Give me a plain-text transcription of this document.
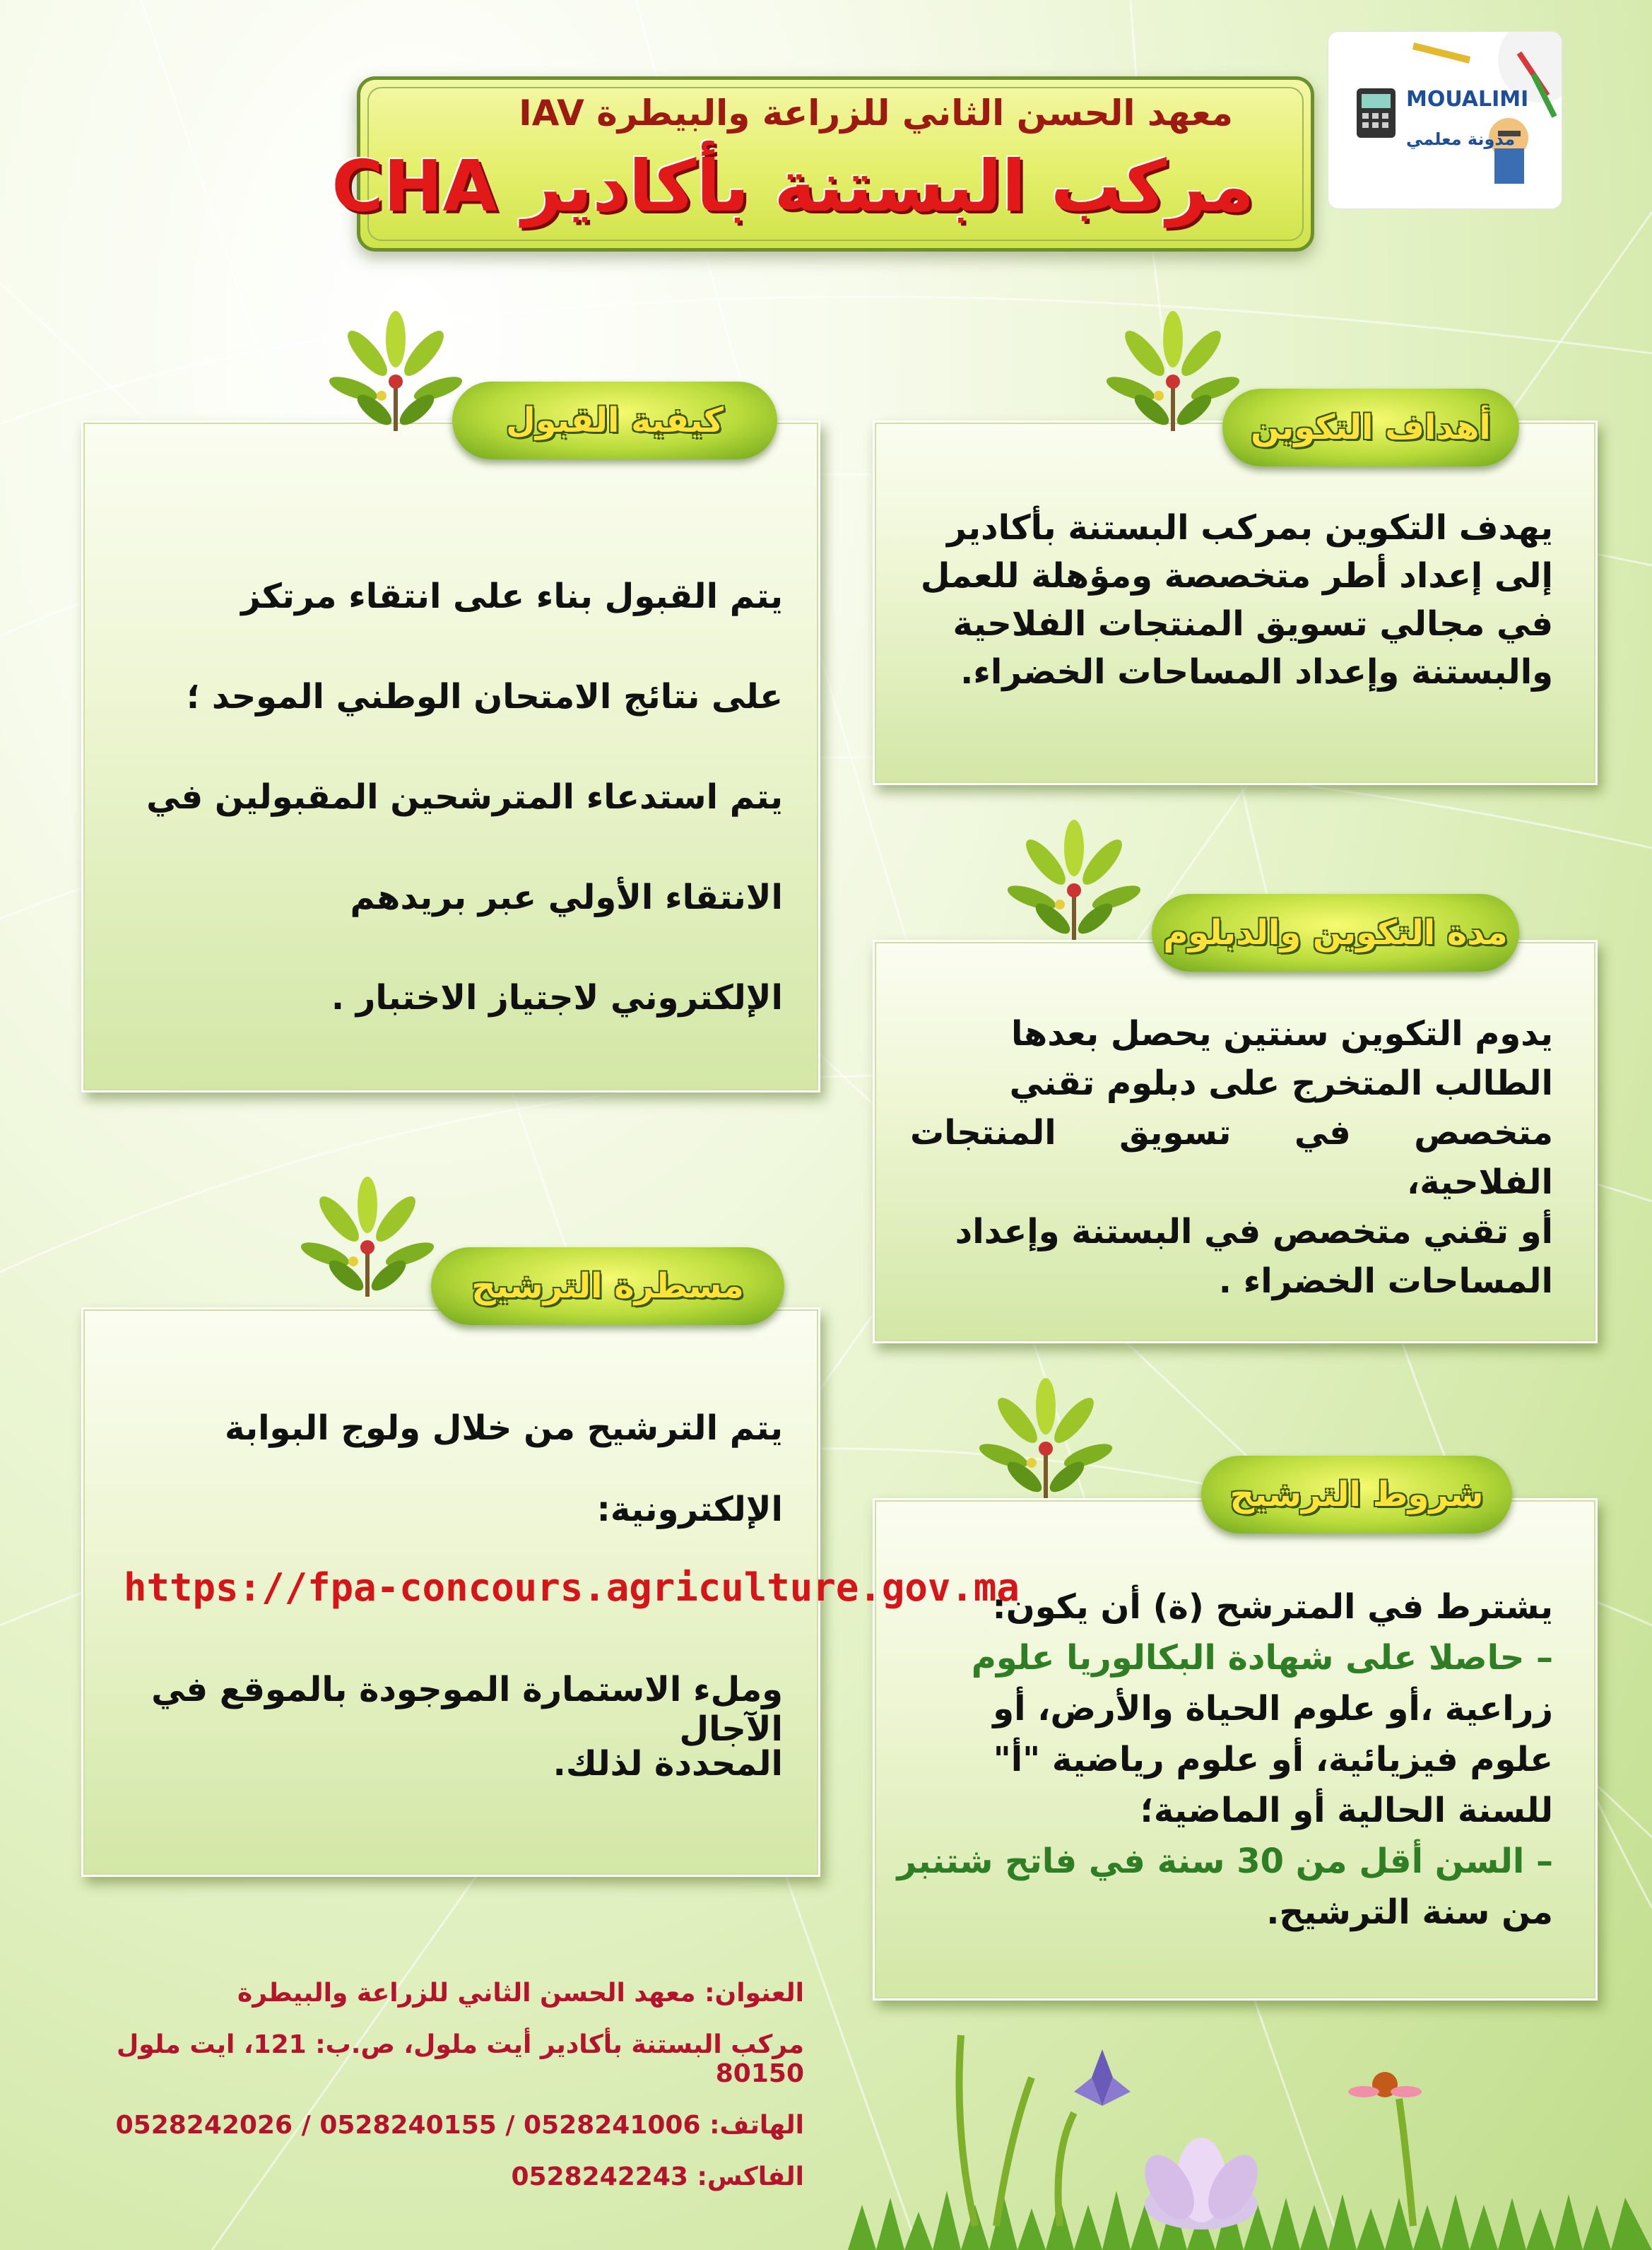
معهد الحسن الثاني للزراعة والبيطرة IAV

مركب البستنة بأكادير CHA

MOUALIMI
مدونة معلمي

يهدف التكوين بمركب البستنة بأكادير
إلى إعداد أطر متخصصة ومؤهلة للعمل
في مجالي تسويق المنتجات الفلاحية
والبستنة وإعداد المساحات الخضراء.

أهداف التكوين

يدوم التكوين سنتين يحصل بعدها
الطالب المتخرج على دبلوم تقني
متخصص في تسويق المنتجات الفلاحية،
أو تقني متخصص في البستنة وإعداد
المساحات الخضراء .

مدة التكوين والدبلوم

يشترط في المترشح (ة) أن يكون:
– حاصلا على شهادة البكالوريا علوم
زراعية ،أو علوم الحياة والأرض، أو
علوم فيزيائية، أو علوم رياضية "أ"
للسنة الحالية أو الماضية؛
– السن أقل من 30 سنة في فاتح شتنبر
من سنة الترشيح.

شروط الترشيح

يتم القبول بناء على انتقاء مرتكز
على نتائج الامتحان الوطني الموحد ؛
يتم استدعاء المترشحين المقبولين في
الانتقاء الأولي عبر بريدهم
الإلكتروني لاجتياز الاختبار .

كيفية القبول

يتم الترشيح من خلال ولوج البوابة

الإلكترونية:

وملء الاستمارة الموجودة بالموقع في الآجال

المحددة لذلك.

https://fpa-concours.agriculture.gov.ma

مسطرة الترشيح
العنوان: معهد الحسن الثاني للزراعة والبيطرة
مركب البستنة بأكادير أيت ملول، ص.ب: 121، ايت ملول 80150
الهاتف: 0528241006 / 0528240155 / 0528242026
الفاكس: 0528242243
